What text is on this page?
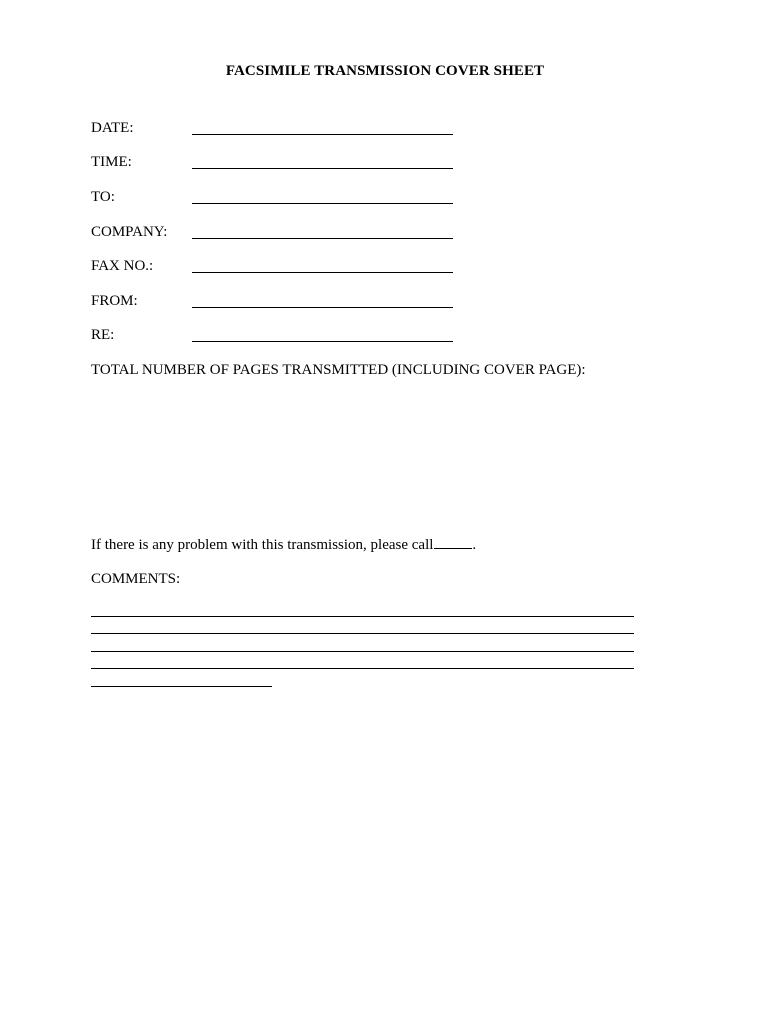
FACSIMILE TRANSMISSION COVER SHEET
DATE:
TIME:
TO:
COMPANY:
FAX NO.:
FROM:
RE:
TOTAL NUMBER OF PAGES TRANSMITTED (INCLUDING COVER PAGE):
If there is any problem with this transmission, please call	.
COMMENTS:
